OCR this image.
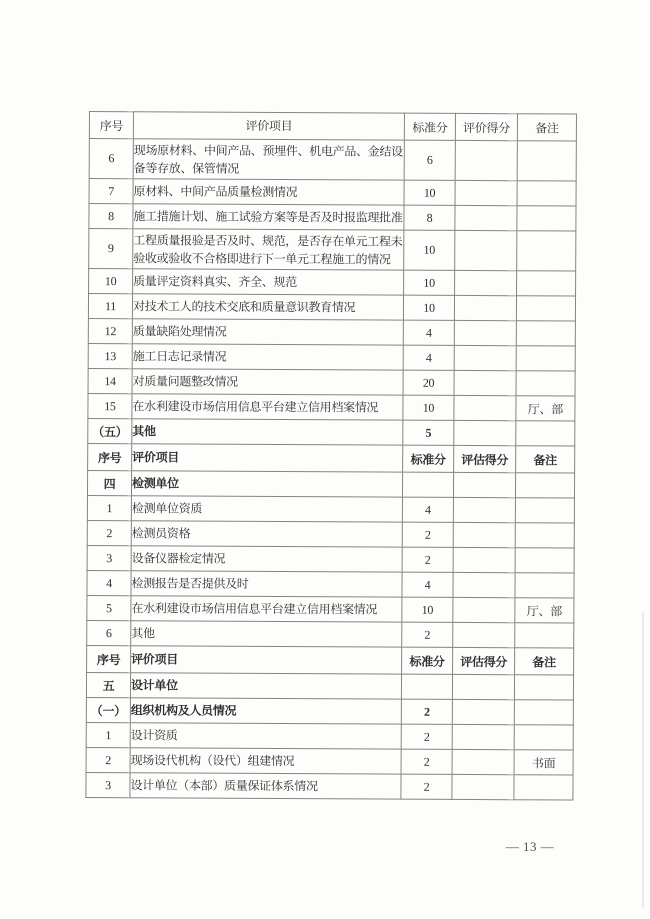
序号	评价项目	标准分	评价得分	备注
6	现场原材料、中间产品、预埋件、机电产品、金结设备等存放、保管情况	6		
7	原材料、中间产品质量检测情况	10		
8	施工措施计划、施工试验方案等是否及时报监理批准	8		
9	工程质量报验是否及时、规范，是否存在单元工程未验收或验收不合格即进行下一单元工程施工的情况	10		
10	质量评定资料真实、齐全、规范	10		
11	对技术工人的技术交底和质量意识教育情况	10		
12	质量缺陷处理情况	4		
13	施工日志记录情况	4		
14	对质量问题整改情况	20		
15	在水利建设市场信用信息平台建立信用档案情况	10		厅、部
（五）	其他	5		
序号	评价项目	标准分	评估得分	备注
四	检测单位			
1	检测单位资质	4		
2	检测员资格	2		
3	设备仪器检定情况	2		
4	检测报告是否提供及时	4		
5	在水利建设市场信用信息平台建立信用档案情况	10		厅、部
6	其他	2		
序号	评价项目	标准分	评估得分	备注
五	设计单位			
（一）	组织机构及人员情况	2		
1	设计资质	2		
2	现场设代机构（设代）组建情况	2		书面
3	设计单位（本部）质量保证体系情况	2		
— 13 —
